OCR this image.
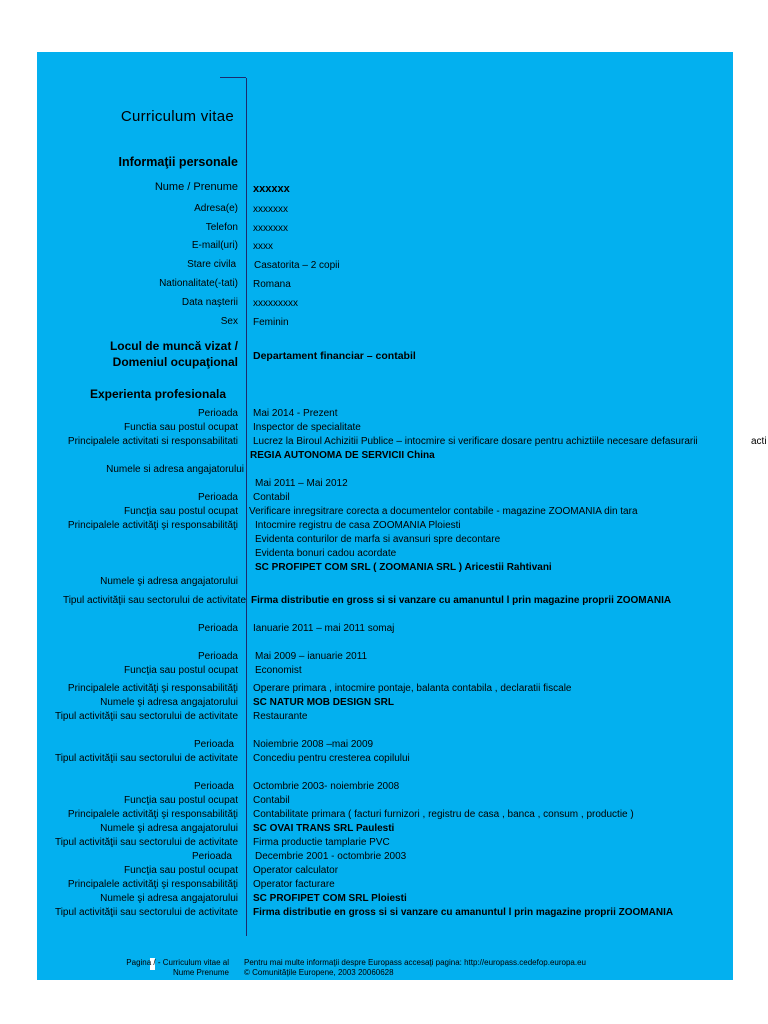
Curriculum vitae
Informaţii personale
Nume / Prenume xxxxxx
Adresa(e) xxxxxxx
Telefon xxxxxxx
E-mail(uri) xxxx
Stare civila Casatorita – 2 copii
Nationalitate(-tati) Romana
Data naşterii xxxxxxxxx
Sex Feminin
Locul de muncă vizat /
Domeniul ocupaţional Departament financiar – contabil
Experienta profesionala
Perioada Mai 2014 - Prezent
Functia sau postul ocupat Inspector de specialitate
Principalele activitati si responsabilitati Lucrez la Biroul Achizitii Publice – intocmire si verificare dosare pentru achiztiile necesare defasurarii	acti
REGIA AUTONOMA DE SERVICII China
Numele si adresa angajatorului
Mai 2011 – Mai 2012
Perioada Contabil
Funcţia sau postul ocupat Verificare inregsitrare corecta a documentelor contabile - magazine ZOOMANIA din tara
Principalele activităţi şi responsabilităţi Intocmire registru de casa ZOOMANIA Ploiesti
Evidenta conturilor de marfa si avansuri spre decontare
Evidenta bonuri cadou acordate
SC PROFIPET COM SRL ( ZOOMANIA SRL ) Aricestii Rahtivani
Numele şi adresa angajatorului
Tipul activităţii sau sectorului de activitate Firma distributie en gross si si vanzare cu amanuntul l prin magazine proprii ZOOMANIA
Perioada Ianuarie 2011 – mai 2011 somaj
Perioada Mai 2009 – ianuarie 2011
Funcţia sau postul ocupat Economist
Principalele activităţi şi responsabilităţi Operare primara , intocmire pontaje, balanta contabila , declaratii fiscale
Numele şi adresa angajatorului SC NATUR MOB DESIGN SRL
Tipul activităţii sau sectorului de activitate Restaurante
Perioada Noiembrie 2008 –mai 2009
Tipul activităţii sau sectorului de activitate Concediu pentru cresterea copilului
Perioada Octombrie 2003- noiembrie 2008
Funcţia sau postul ocupat Contabil
Principalele activităţi şi responsabilităţi Contabilitate primara ( facturi furnizori , registru de casa , banca , consum , productie )
Numele şi adresa angajatorului SC OVAI TRANS SRL Paulesti
Tipul activităţii sau sectorului de activitate Firma productie tamplarie PVC
Perioada Decembrie 2001 - octombrie 2003
Funcţia sau postul ocupat Operator calculator
Principalele activităţi şi responsabilităţi Operator facturare
Numele şi adresa angajatorului SC PROFIPET COM SRL Ploiesti
Tipul activităţii sau sectorului de activitate Firma distributie en gross si si vanzare cu amanuntul l prin magazine proprii ZOOMANIA
Pagina / - Curriculum vitae al
Nume Prenume
Pentru mai multe informaţii despre Europass accesaţi pagina: http://europass.cedefop.europa.eu
© Comunităţile Europene, 2003 20060628
